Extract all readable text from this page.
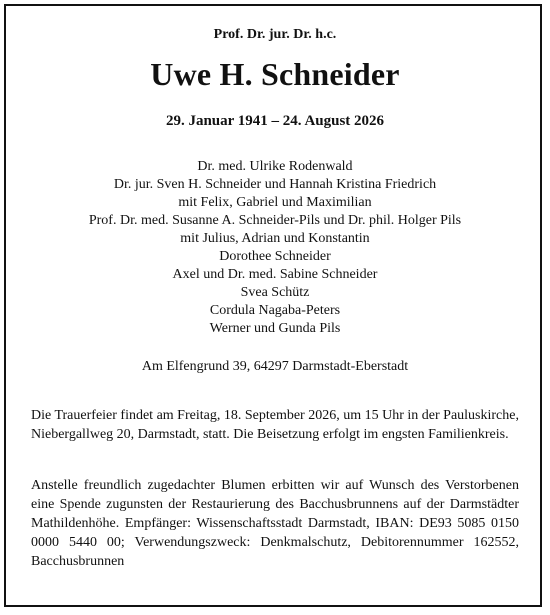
Prof. Dr. jur. Dr. h.c.
Uwe H. Schneider
29. Januar 1941 – 24. August 2026
Dr. med. Ulrike Rodenwald
Dr. jur. Sven H. Schneider und Hannah Kristina Friedrich
mit Felix, Gabriel und Maximilian
Prof. Dr. med. Susanne A. Schneider-Pils und Dr. phil. Holger Pils
mit Julius, Adrian und Konstantin
Dorothee Schneider
Axel und Dr. med. Sabine Schneider
Svea Schütz
Cordula Nagaba-Peters
Werner und Gunda Pils
Am Elfengrund 39, 64297 Darmstadt-Eberstadt

Die Trauerfeier findet am Freitag, 18. September 2026, um 15 Uhr in der Pauluskirche, Niebergallweg 20, Darmstadt, statt. Die Beisetzung erfolgt im engsten Familienkreis.

Anstelle freundlich zugedachter Blumen erbitten wir auf Wunsch des Verstorbenen eine Spende zugunsten der Restaurierung des Bacchusbrunnens auf der Darmstädter Mathildenhöhe. Empfänger: Wissenschaftsstadt Darmstadt, IBAN: DE93 5085 0150 0000 5440 00; Verwendungszweck: Denkmalschutz, Debitorennummer 162552, Bacchusbrunnen
